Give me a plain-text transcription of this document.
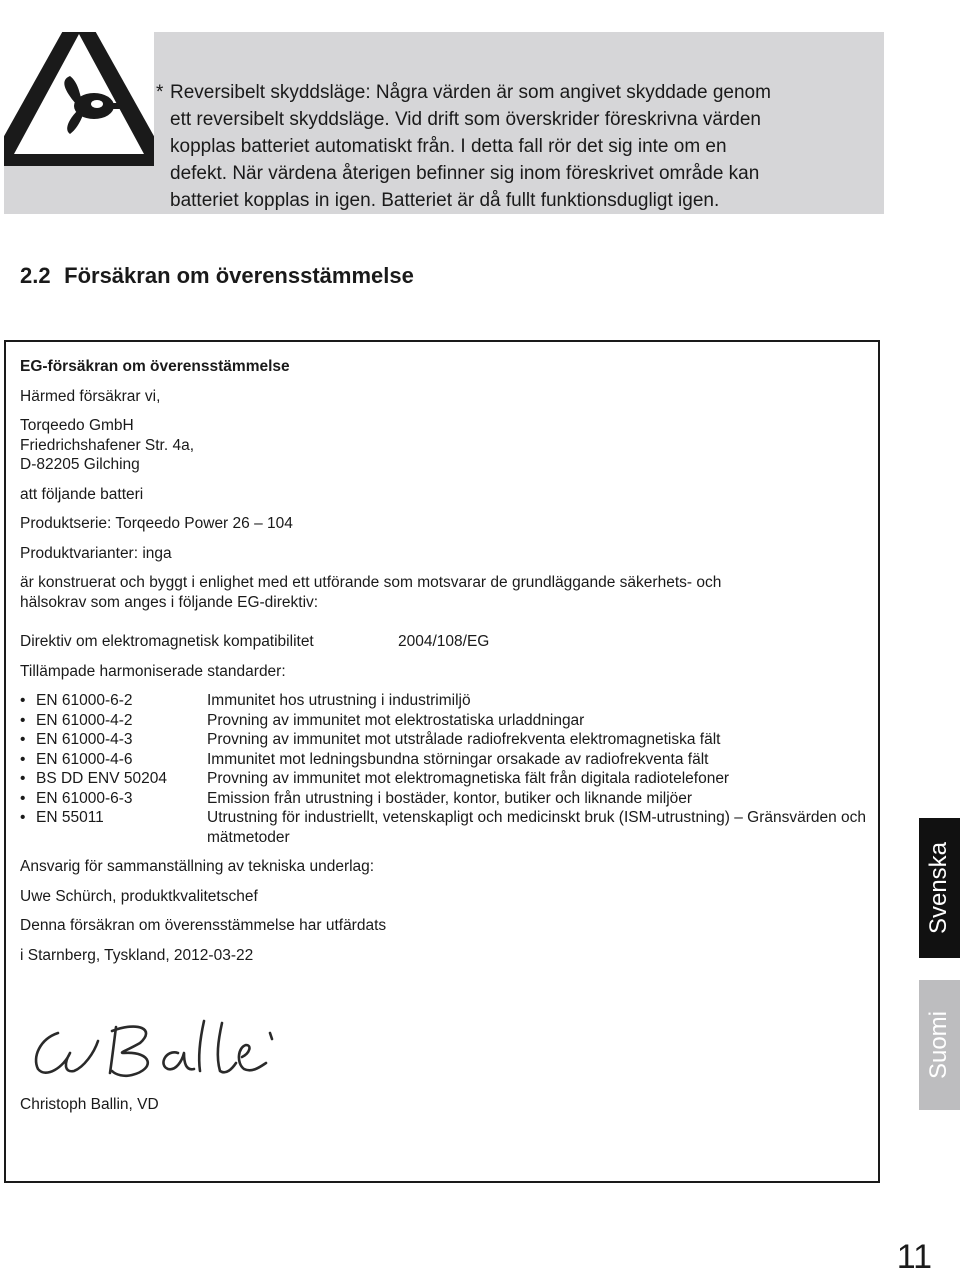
* Reversibelt skyddsläge: Några värden är som angivet skyddade genom
ett reversibelt skyddsläge. Vid drift som överskrider föreskrivna värden
kopplas batteriet automatiskt från. I detta fall rör det sig inte om en
defekt. När värdena återigen befinner sig inom föreskrivet område kan
batteriet kopplas in igen. Batteriet är då fullt funktionsdugligt igen.
2.2 Försäkran om överensstämmelse

EG-försäkran om överensstämmelse

Härmed försäkrar vi,

Torqeedo GmbH

Friedrichshafener Str. 4a,

D-82205 Gilching

att följande batteri

Produktserie: Torqeedo Power 26 – 104

Produktvarianter: inga

är konstruerat och byggt i enlighet med ett utförande som motsvarar de grundläggande säkerhets- och

hälsokrav som anges i följande EG-direktiv:

Direktiv om elektromagnetisk kompatibilitet	2004/108/EG

Tillämpade harmoniserade standarder:

• EN 61000-6-2	Immunitet hos utrustning i industrimiljö
• EN 61000-4-2	Provning av immunitet mot elektrostatiska urladdningar
• EN 61000-4-3	Provning av immunitet mot utstrålade radiofrekventa elektromagnetiska fält
• EN 61000-4-6	Immunitet mot ledningsbundna störningar orsakade av radiofrekventa fält
• BS DD ENV 50204	Provning av immunitet mot elektromagnetiska fält från digitala radiotelefoner
• EN 61000-6-3	Emission från utrustning i bostäder, kontor, butiker och liknande miljöer
• EN 55011	Utrustning för industriellt, vetenskapligt och medicinskt bruk (ISM-utrustning) – Gränsvärden och mätmetoder

Ansvarig för sammanställning av tekniska underlag:

Uwe Schürch, produktkvalitetschef

Denna försäkran om överensstämmelse har utfärdats

i Starnberg, Tyskland, 2012-03-22

Christoph Ballin, VD

Svenska
Suomi
11
